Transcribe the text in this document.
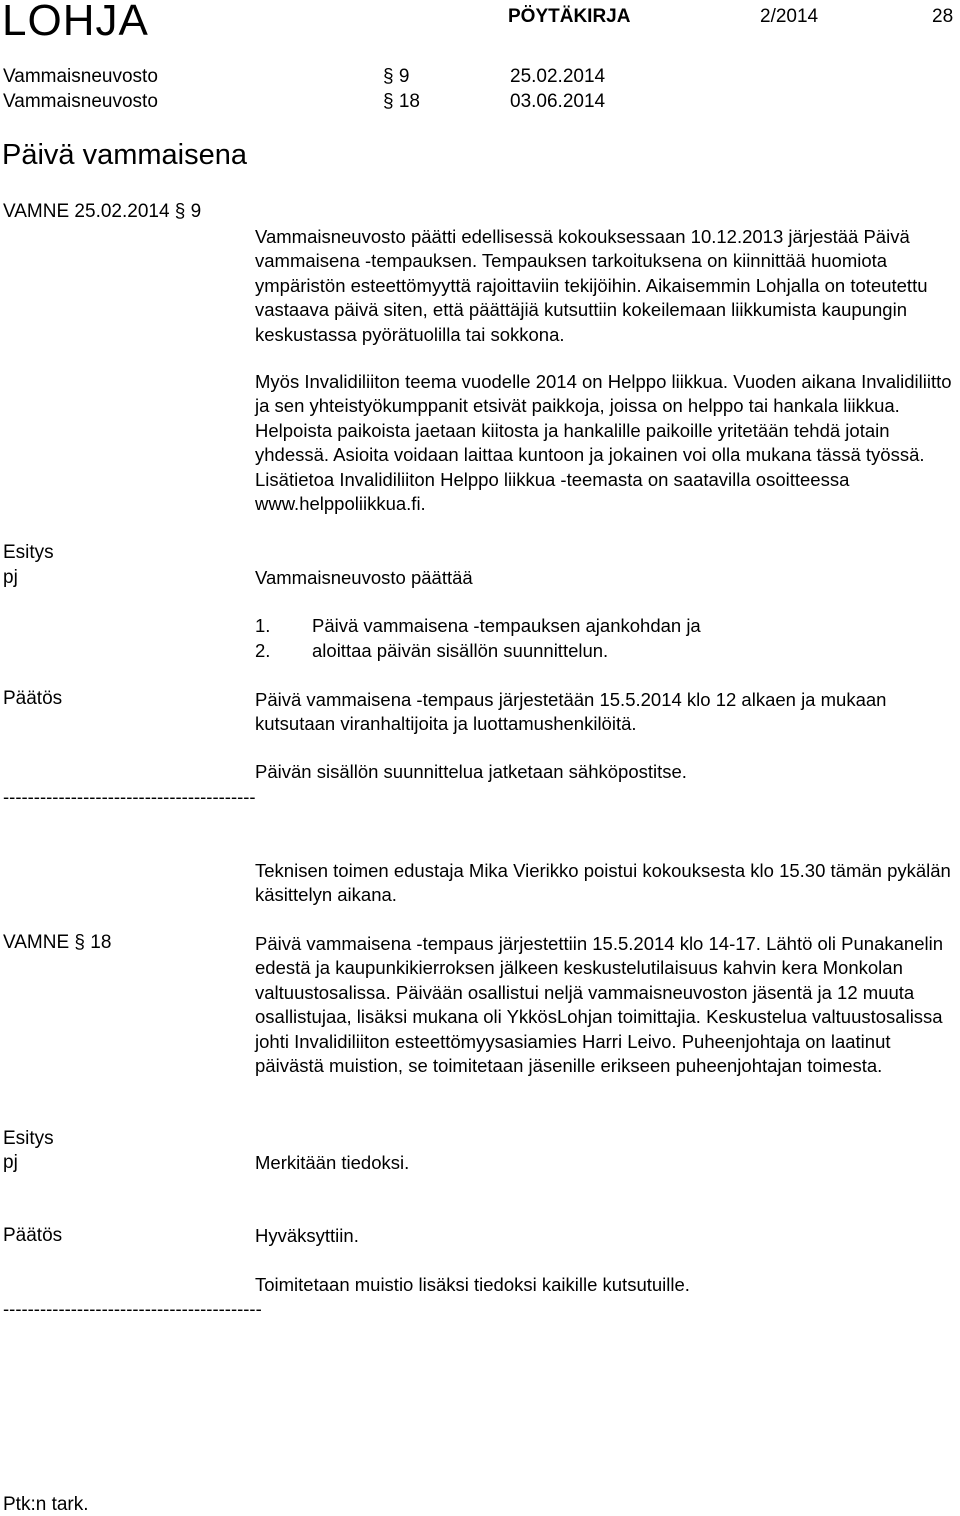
LOHJA	PÖYTÄKIRJA	2/2014	28
Vammaisneuvosto	§ 9	25.02.2014
Vammaisneuvosto	§ 18	03.06.2014
Päivä vammaisena
VAMNE 25.02.2014 § 9
Vammaisneuvosto päätti edellisessä kokouksessaan 10.12.2013 järjestää Päivä vammaisena -tempauksen. Tempauksen tarkoituksena on kiinnittää huomiota ympäristön esteettömyyttä rajoittaviin tekijöihin. Aikaisemmin Lohjalla on toteutettu vastaava päivä siten, että päättäjiä kutsuttiin kokeilemaan liikkumista kaupungin keskustassa pyörätuolilla tai sokkona.
Myös Invalidiliiton teema vuodelle 2014 on Helppo liikkua. Vuoden aikana Invalidiliitto ja sen yhteistyökumppanit etsivät paikkoja, joissa on helppo tai hankala liikkua. Helpoista paikoista jaetaan kiitosta ja hankalille paikoille yritetään tehdä jotain yhdessä. Asioita voidaan laittaa kuntoon ja jokainen voi olla mukana tässä työssä. Lisätietoa Invalidiliiton Helppo liikkua -teemasta on saatavilla osoitteessa www.helppoliikkua.fi.
Esitys
pj	Vammaisneuvosto päättää
1. Päivä vammaisena -tempauksen ajankohdan ja
2. aloittaa päivän sisällön suunnittelun.
Päätös	Päivä vammaisena -tempaus järjestetään 15.5.2014 klo 12 alkaen ja mukaan kutsutaan viranhaltijoita ja luottamushenkilöitä.
Päivän sisällön suunnittelua jatketaan sähköpostitse.
-----------------------------------------
Teknisen toimen edustaja Mika Vierikko poistui kokouksesta klo 15.30 tämän pykälän käsittelyn aikana.
VAMNE § 18	Päivä vammaisena -tempaus järjestettiin 15.5.2014 klo 14-17. Lähtö oli Punakanelin edestä ja kaupunkikierroksen jälkeen keskustelutilaisuus kahvin kera Monkolan valtuustosalissa. Päivään osallistui neljä vammaisneuvoston jäsentä ja 12 muuta osallistujaa, lisäksi mukana oli YkkösLohjan toimittajia. Keskustelua valtuustosalissa johti Invalidiliiton esteettömyysasiamies Harri Leivo. Puheenjohtaja on laatinut päivästä muistion, se toimitetaan jäsenille erikseen puheenjohtajan toimesta.
Esitys
pj	Merkitään tiedoksi.
Päätös	Hyväksyttiin.
Toimitetaan muistio lisäksi tiedoksi kaikille kutsutuille.
------------------------------------------
Ptk:n tark.
